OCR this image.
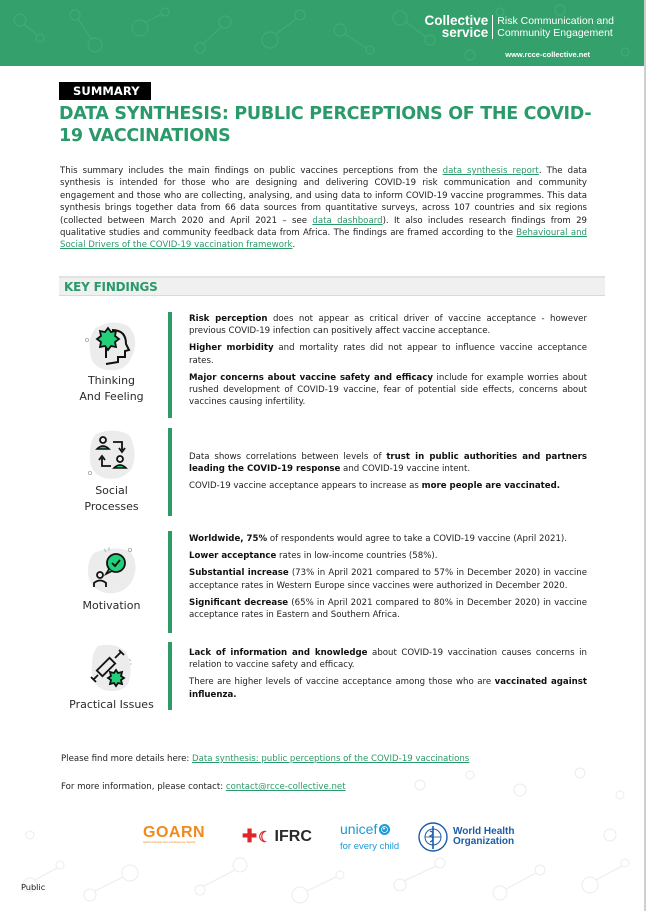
Collective
service
Risk Communication and
Community Engagement
www.rcce-collective.net
SUMMARY
DATA SYNTHESIS: PUBLIC PERCEPTIONS OF THE COVID-19 VACCINATIONS

This summary includes the main findings on public vaccines perceptions from the data synthesis report. The data synthesis is intended for those who are designing and delivering COVID-19 risk communication and community engagement and those who are collecting, analysing, and using data to inform COVID-19 vaccine programmes. This data synthesis brings together data from 66 data sources from quantitative surveys, across 107 countries and six regions (collected between March 2020 and April 2021 – see data dashboard). It also includes research findings from 29 qualitative studies and community feedback data from Africa. The findings are framed according to the Behavioural and Social Drivers of the COVID-19 vaccination framework.

KEY FINDINGS
Thinking
And Feeling

Risk perception does not appear as critical driver of vaccine acceptance - however previous COVID-19 infection can positively affect vaccine acceptance.

Higher morbidity and mortality rates did not appear to influence vaccine acceptance rates.

Major concerns about vaccine safety and efficacy include for example worries about rushed development of COVID-19 vaccine, fear of potential side effects, concerns about vaccines causing infertility.

Social
Processes

Data shows correlations between levels of trust in public authorities and partners leading the COVID-19 response and COVID-19 vaccine intent.

COVID-19 vaccine acceptance appears to increase as more people are vaccinated.

Motivation

Worldwide, 75% of respondents would agree to take a COVID-19 vaccine (April 2021).

Lower acceptance rates in low-income countries (58%).

Substantial increase (73% in April 2021 compared to 57% in December 2020) in vaccine acceptance rates in Western Europe since vaccines were authorized in December 2020.

Significant decrease (65% in April 2021 compared to 80% in December 2020) in vaccine acceptance rates in Eastern and Southern Africa.

Practical Issues

Lack of information and knowledge about COVID-19 vaccination causes concerns in relation to vaccine safety and efficacy.

There are higher levels of vaccine acceptance among those who are vaccinated against influenza.

Please find more details here: Data synthesis: public perceptions of the COVID-19 vaccinations
For more information, please contact: contact@rcce-collective.net
GOARN
Global Outbreak Alert and Response Network	✚ ☾ IFRC unicef
for every child
World Health
Organization
Public
